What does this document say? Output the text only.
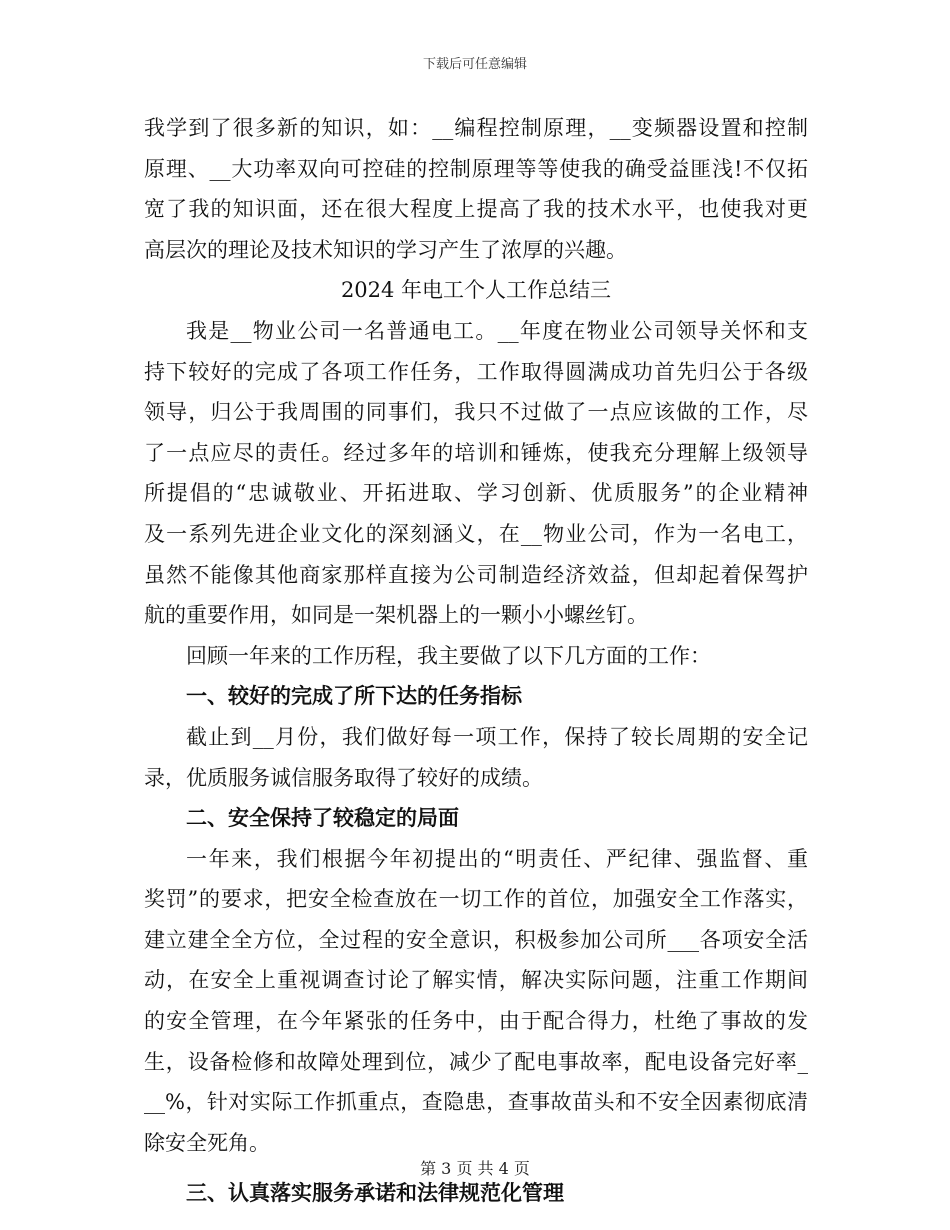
下载后可任意编辑
我学到了很多新的知识，如：__编程控制原理，__变频器设置和控制
原理、__大功率双向可控硅的控制原理等等使我的确受益匪浅!不仅拓
宽了我的知识面，还在很大程度上提高了我的技术水平，也使我对更
高层次的理论及技术知识的学习产生了浓厚的兴趣。
2024 年电工个人工作总结三
我是__物业公司一名普通电工。__年度在物业公司领导关怀和支
持下较好的完成了各项工作任务，工作取得圆满成功首先归公于各级
领导，归公于我周围的同事们，我只不过做了一点应该做的工作，尽
了一点应尽的责任。经过多年的培训和锤炼，使我充分理解上级领导
所提倡的“忠诚敬业、开拓进取、学习创新、优质服务”的企业精神
及一系列先进企业文化的深刻涵义，在__物业公司，作为一名电工，
虽然不能像其他商家那样直接为公司制造经济效益，但却起着保驾护
航的重要作用，如同是一架机器上的一颗小小螺丝钉。
回顾一年来的工作历程，我主要做了以下几方面的工作：
一、较好的完成了所下达的任务指标
截止到__月份，我们做好每一项工作，保持了较长周期的安全记
录，优质服务诚信服务取得了较好的成绩。
二、安全保持了较稳定的局面
一年来，我们根据今年初提出的“明责任、严纪律、强监督、重
奖罚”的要求，把安全检查放在一切工作的首位，加强安全工作落实，
建立建全全方位，全过程的安全意识，积极参加公司所___各项安全活
动，在安全上重视调查讨论了解实情，解决实际问题，注重工作期间
的安全管理，在今年紧张的任务中，由于配合得力，杜绝了事故的发
生，设备检修和故障处理到位，减少了配电事故率，配电设备完好率_
__%，针对实际工作抓重点，查隐患，查事故苗头和不安全因素彻底清
除安全死角。
三、认真落实服务承诺和法律规范化管理
第 3 页 共 4 页
